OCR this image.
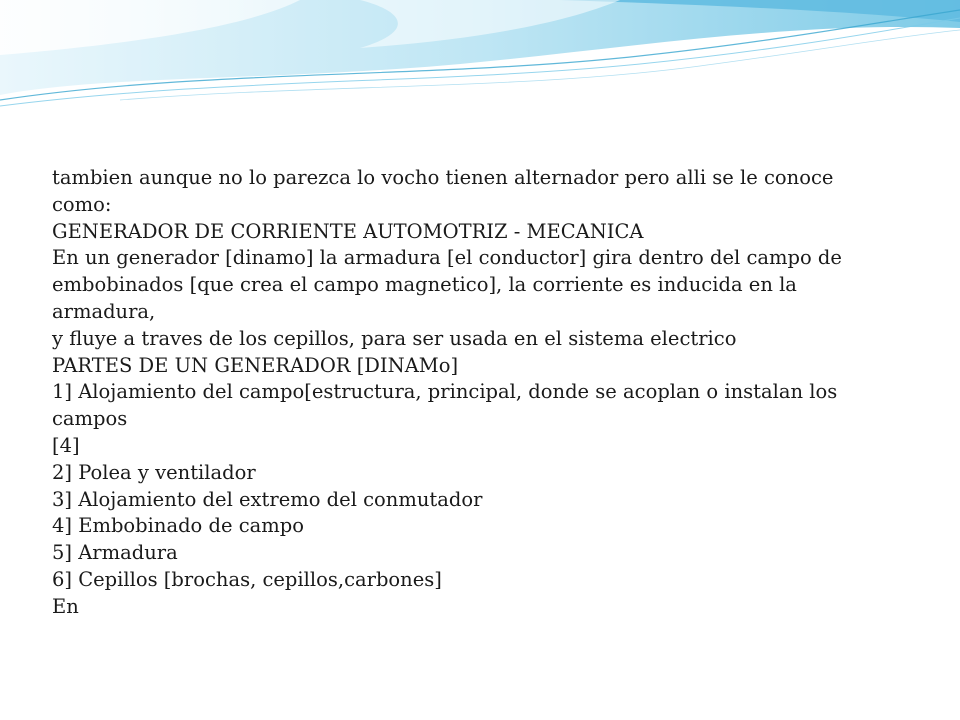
tambien aunque no lo parezca lo vocho tienen alternador pero alli se le conoce
como:
GENERADOR DE CORRIENTE AUTOMOTRIZ - MECANICA
En un generador [dinamo] la armadura [el conductor] gira dentro del campo de
embobinados [que crea el campo magnetico], la corriente es inducida en la
armadura,
y fluye a traves de los cepillos, para ser usada en el sistema electrico
PARTES DE UN GENERADOR [DINAMo]
1] Alojamiento del campo[estructura, principal, donde se acoplan o instalan los
campos
[4]
2] Polea y ventilador
3] Alojamiento del extremo del conmutador
4] Embobinado de campo
5] Armadura
6] Cepillos [brochas, cepillos,carbones]
En
